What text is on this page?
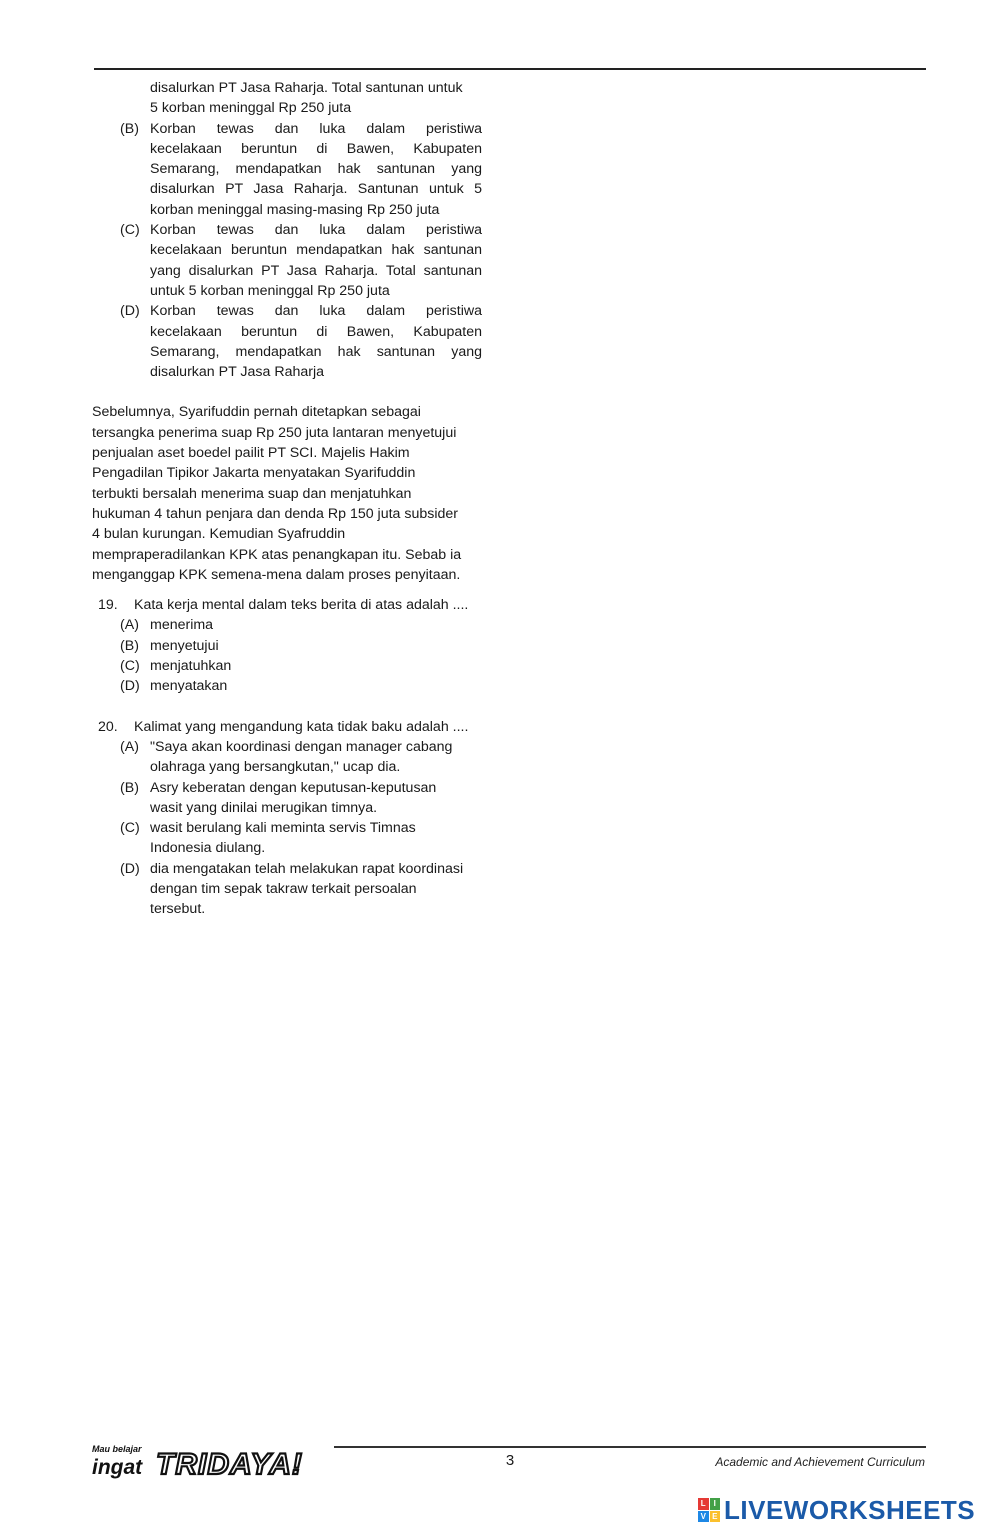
disalurkan PT Jasa Raharja. Total santunan untuk
5 korban meninggal Rp 250 juta
(B) Korban tewas dan luka dalam peristiwa
kecelakaan beruntun di Bawen, Kabupaten
Semarang, mendapatkan hak santunan yang
disalurkan PT Jasa Raharja. Santunan untuk 5
korban meninggal masing-masing Rp 250 juta
(C) Korban tewas dan luka dalam peristiwa
kecelakaan beruntun mendapatkan hak santunan
yang disalurkan PT Jasa Raharja. Total santunan
untuk 5 korban meninggal Rp 250 juta
(D) Korban tewas dan luka dalam peristiwa
kecelakaan beruntun di Bawen, Kabupaten
Semarang, mendapatkan hak santunan yang
disalurkan PT Jasa Raharja
Sebelumnya, Syarifuddin pernah ditetapkan sebagai
tersangka penerima suap Rp 250 juta lantaran menyetujui
penjualan aset boedel pailit PT SCI. Majelis Hakim
Pengadilan Tipikor Jakarta menyatakan Syarifuddin
terbukti bersalah menerima suap dan menjatuhkan
hukuman 4 tahun penjara dan denda Rp 150 juta subsider
4 bulan kurungan. Kemudian Syafruddin
mempraperadilankan KPK atas penangkapan itu. Sebab ia
menganggap KPK semena-mena dalam proses penyitaan.
19.	Kata kerja mental dalam teks berita di atas adalah ....
(A) menerima
(B) menyetujui
(C) menjatuhkan
(D) menyatakan
20.	Kalimat yang mengandung kata tidak baku adalah ....
(A) "Saya akan koordinasi dengan manager cabang
olahraga yang bersangkutan," ucap dia.
(B) Asry keberatan dengan keputusan-keputusan
wasit yang dinilai merugikan timnya.
(C) wasit berulang kali meminta servis Timnas
Indonesia diulang.
(D) dia mengatakan telah melakukan rapat koordinasi
dengan tim sepak takraw terkait persoalan
tersebut.
Mau belajar
ingat TRIDAYA!	3	Academic and Achievement Curriculum
L I
V E LIVEWORKSHEETS
